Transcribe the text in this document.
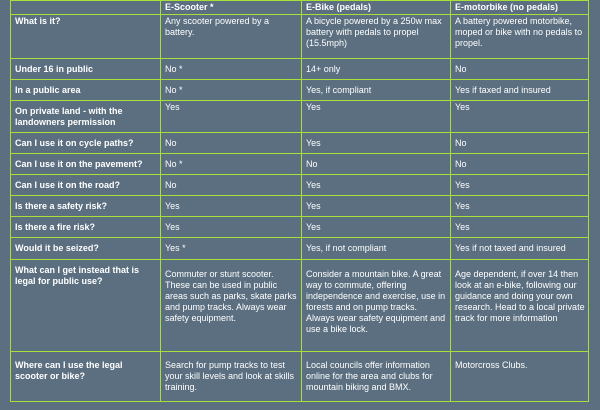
	E-Scooter *	E-Bike (pedals)	E-motorbike (no pedals)
What is it?	Any scooter powered by a battery.	A bicycle powered by a 250w max battery with pedals to propel (15.5mph)	A battery powered motorbike, moped or bike with no pedals to propel.
Under 16 in public	No *	14+ only	No
In a public area	No *	Yes, if compliant	Yes if taxed and insured
On private land - with the landowners permission	Yes	Yes	Yes
Can I use it on cycle paths?	No	Yes	No
Can I use it on the pavement?	No *	No	No
Can I use it on the road?	No	Yes	Yes
Is there a safety risk?	Yes	Yes	Yes
Is there a fire risk?	Yes	Yes	Yes
Would it be seized?	Yes *	Yes, if not compliant	Yes if not taxed and insured
What can I get instead that is legal for public use?	Commuter or stunt scooter. These can be used in public areas such as parks, skate parks and pump tracks. Always wear safety equipment.	Consider a mountain bike. A great way to commute, offering independence and exercise, use in forests and on pump tracks. Always wear safety equipment and use a bike lock.	Age dependent, if over 14 then look at an e-bike, following our guidance and doing your own research. Head to a local private track for more information
Where can I use the legal scooter or bike?	Search for pump tracks to test your skill levels and look at skills training.	Local councils offer information online for the area and clubs for mountain biking and BMX.	Motorcross Clubs.
